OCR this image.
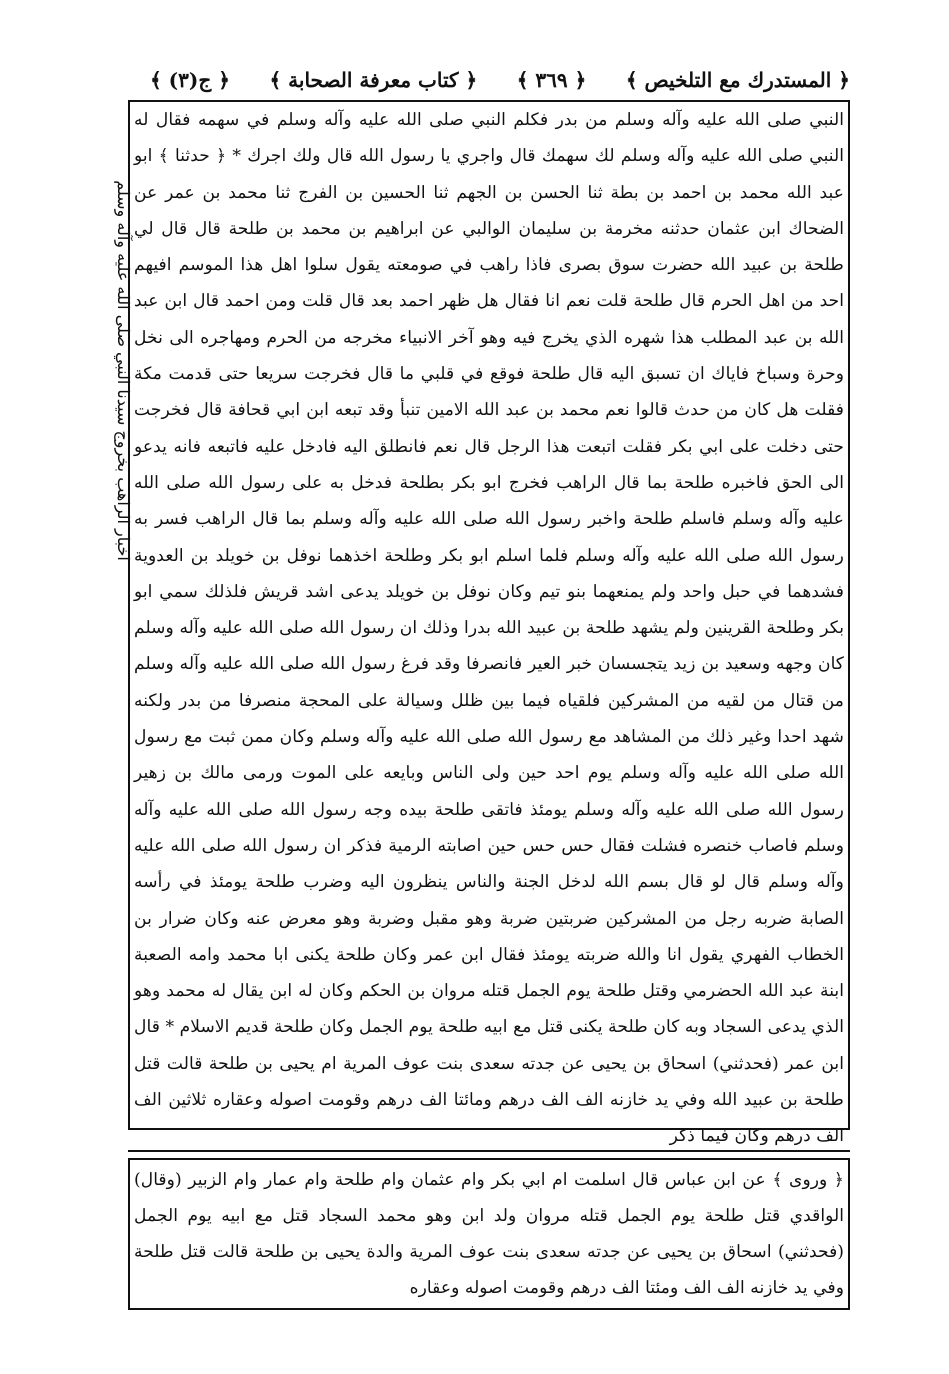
﴿ المستدرك مع التلخيص ﴾
﴿ ٣٦٩ ﴾
﴿ كتاب معرفة الصحابة ﴾
﴿ ج(٣) ﴾
اخبار الراهب بخروج سيدنا النبي صلى الله عليه وآله وسلم

النبي صلى الله عليه وآله وسلم من بدر فكلم النبي صلى الله عليه وآله وسلم في سهمه فقال له النبي صلى الله عليه وآله وسلم لك سهمك قال واجري يا رسول الله قال ولك اجرك * ﴿ حدثنا ﴾ ابو عبد الله محمد بن احمد بن بطة ثنا الحسن بن الجهم ثنا الحسين بن الفرج ثنا محمد بن عمر عن الضحاك ابن عثمان حدثنه مخرمة بن سليمان الوالبي عن ابراهيم بن محمد بن طلحة قال قال لي طلحة بن عبيد الله حضرت سوق بصرى فاذا راهب في صومعته يقول سلوا اهل هذا الموسم افيهم احد من اهل الحرم قال طلحة قلت نعم انا فقال هل ظهر احمد بعد قال قلت ومن احمد قال ابن عبد الله بن عبد المطلب هذا شهره الذي يخرج فيه وهو آخر الانبياء مخرجه من الحرم ومهاجره الى نخل وحرة وسباخ فاياك ان تسبق اليه قال طلحة فوقع في قلبي ما قال فخرجت سريعا حتى قدمت مكة فقلت هل كان من حدث قالوا نعم محمد بن عبد الله الامين تنبأ وقد تبعه ابن ابي قحافة قال فخرجت حتى دخلت على ابي بكر فقلت اتبعت هذا الرجل قال نعم فانطلق اليه فادخل عليه فاتبعه فانه يدعو الى الحق فاخبره طلحة بما قال الراهب فخرج ابو بكر بطلحة فدخل به على رسول الله صلى الله عليه وآله وسلم فاسلم طلحة واخبر رسول الله صلى الله عليه وآله وسلم بما قال الراهب فسر به رسول الله صلى الله عليه وآله وسلم فلما اسلم ابو بكر وطلحة اخذهما نوفل بن خويلد بن العدوية فشدهما في حبل واحد ولم يمنعهما بنو تيم وكان نوفل بن خويلد يدعى اشد قريش فلذلك سمي ابو بكر وطلحة القرينين ولم يشهد طلحة بن عبيد الله بدرا وذلك ان رسول الله صلى الله عليه وآله وسلم كان وجهه وسعيد بن زيد يتجسسان خبر العير فانصرفا وقد فرغ رسول الله صلى الله عليه وآله وسلم من قتال من لقيه من المشركين فلقياه فيما بين ظلل وسيالة على المحجة منصرفا من بدر ولكنه شهد احدا وغير ذلك من المشاهد مع رسول الله صلى الله عليه وآله وسلم وكان ممن ثبت مع رسول الله صلى الله عليه وآله وسلم يوم احد حين ولى الناس وبايعه على الموت ورمى مالك بن زهير رسول الله صلى الله عليه وآله وسلم يومئذ فاتقى طلحة بيده وجه رسول الله صلى الله عليه وآله وسلم فاصاب خنصره فشلت فقال حس حس حين اصابته الرمية فذكر ان رسول الله صلى الله عليه وآله وسلم قال لو قال بسم الله لدخل الجنة والناس ينظرون اليه وضرب طلحة يومئذ في رأسه الصابة ضربه رجل من المشركين ضربتين ضربة وهو مقبل وضربة وهو معرض عنه وكان ضرار بن الخطاب الفهري يقول انا والله ضربته يومئذ فقال ابن عمر وكان طلحة يكنى ابا محمد وامه الصعبة ابنة عبد الله الحضرمي وقتل طلحة يوم الجمل قتله مروان بن الحكم وكان له ابن يقال له محمد وهو الذي يدعى السجاد وبه كان طلحة يكنى قتل مع ابيه طلحة يوم الجمل وكان طلحة قديم الاسلام * قال ابن عمر (فحدثني) اسحاق بن يحيى عن جدته سعدى بنت عوف المرية ام يحيى بن طلحة قالت قتل طلحة بن عبيد الله وفي يد خازنه الف الف درهم ومائتا الف درهم وقومت اصوله وعقاره ثلاثين الف الف درهم وكان فيما ذكر

﴿ وروى ﴾ عن ابن عباس قال اسلمت ام ابي بكر وام عثمان وام طلحة وام عمار وام الزبير (وقال) الواقدي قتل طلحة يوم الجمل قتله مروان ولد ابن وهو محمد السجاد قتل مع ابيه يوم الجمل (فحدثني) اسحاق بن يحيى عن جدته سعدى بنت عوف المرية والدة يحيى بن طلحة قالت قتل طلحة وفي يد خازنه الف الف ومئتا الف درهم وقومت اصوله وعقاره
